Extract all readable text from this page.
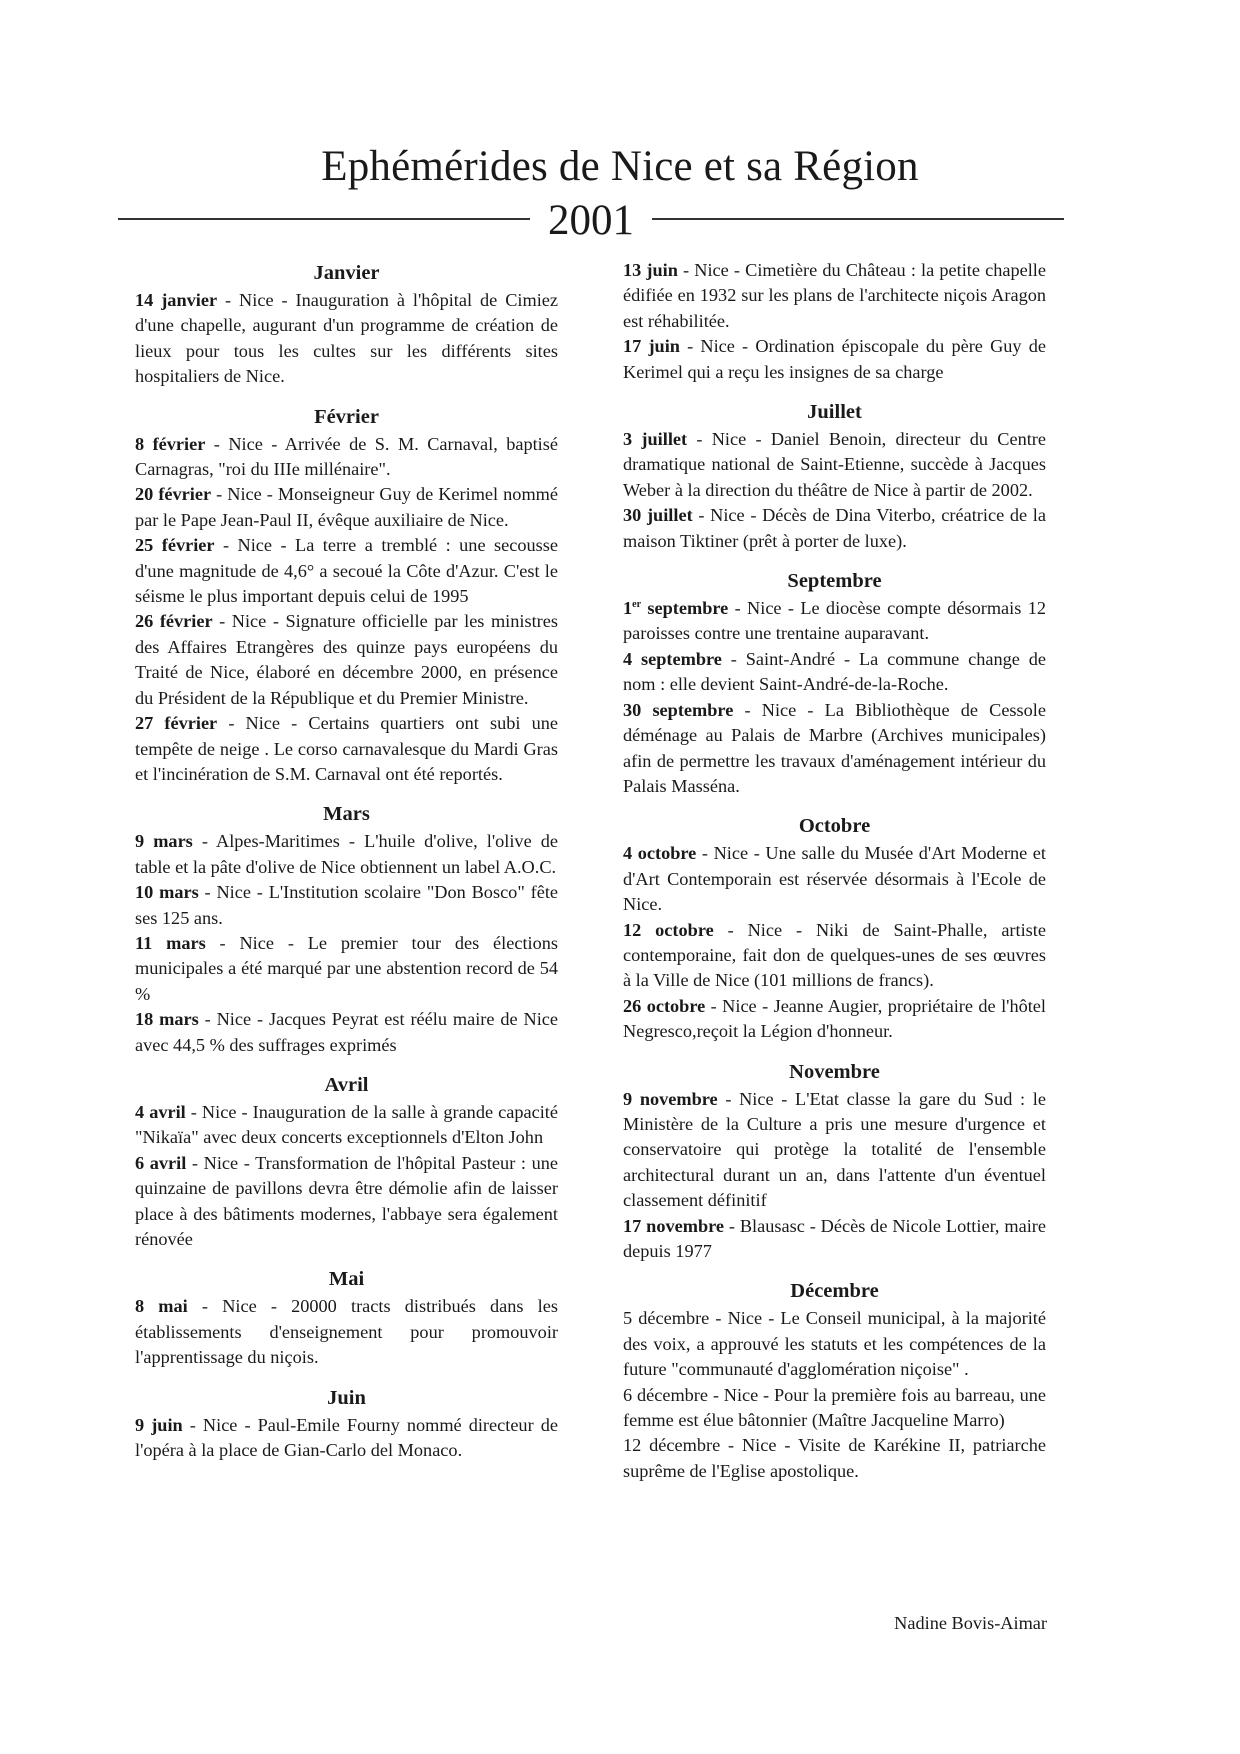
Ephémérides de Nice et sa Région
2001
Janvier

14 janvier - Nice - Inauguration à l'hôpital de Cimiez d'une chapelle, augurant d'un programme de création de lieux pour tous les cultes sur les différents sites hospitaliers de Nice.

Février

8 février - Nice - Arrivée de S. M. Carnaval, baptisé Carnagras, "roi du IIIe millénaire".

20 février - Nice - Monseigneur Guy de Kerimel nommé par le Pape Jean-Paul II, évêque auxiliaire de Nice.

25 février - Nice - La terre a tremblé : une secousse d'une magnitude de 4,6° a secoué la Côte d'Azur. C'est le séisme le plus important depuis celui de 1995

26 février - Nice - Signature officielle par les ministres des Affaires Etrangères des quinze pays européens du Traité de Nice, élaboré en décembre 2000, en présence du Président de la République et du Premier Ministre.

27 février - Nice - Certains quartiers ont subi une tempête de neige . Le corso carnavalesque du Mardi Gras et l'incinération de S.M. Carnaval ont été reportés.

Mars

9 mars - Alpes-Maritimes - L'huile d'olive, l'olive de table et la pâte d'olive de Nice obtiennent un label A.O.C.

10 mars - Nice - L'Institution scolaire "Don Bosco" fête ses 125 ans.

11 mars - Nice - Le premier tour des élections municipales a été marqué par une abstention record de 54 %

18 mars - Nice - Jacques Peyrat est réélu maire de Nice avec 44,5 % des suffrages exprimés

Avril

4 avril - Nice - Inauguration de la salle à grande capacité "Nikaïa" avec deux concerts exceptionnels d'Elton John

6 avril - Nice - Transformation de l'hôpital Pasteur : une quinzaine de pavillons devra être démolie afin de laisser place à des bâtiments modernes, l'abbaye sera également rénovée

Mai

8 mai - Nice - 20000 tracts distribués dans les établissements d'enseignement pour promouvoir l'apprentissage du niçois.

Juin

9 juin - Nice - Paul-Emile Fourny nommé directeur de l'opéra à la place de Gian-Carlo del Monaco.

13 juin - Nice - Cimetière du Château : la petite chapelle édifiée en 1932 sur les plans de l'architecte niçois Aragon est réhabilitée.

17 juin - Nice - Ordination épiscopale du père Guy de Kerimel qui a reçu les insignes de sa charge

Juillet

3 juillet - Nice - Daniel Benoin, directeur du Centre dramatique national de Saint-Etienne, succède à Jacques Weber à la direction du théâtre de Nice à partir de 2002.

30 juillet - Nice - Décès de Dina Viterbo, créatrice de la maison Tiktiner (prêt à porter de luxe).

Septembre

1er septembre - Nice - Le diocèse compte désormais 12 paroisses contre une trentaine auparavant.

4 septembre - Saint-André - La commune change de nom : elle devient Saint-André-de-la-Roche.

30 septembre - Nice - La Bibliothèque de Cessole déménage au Palais de Marbre (Archives municipales) afin de permettre les travaux d'aménagement intérieur du Palais Masséna.

Octobre

4 octobre - Nice - Une salle du Musée d'Art Moderne et d'Art Contemporain est réservée désormais à l'Ecole de Nice.

12 octobre - Nice - Niki de Saint-Phalle, artiste contemporaine, fait don de quelques-unes de ses œuvres à la Ville de Nice (101 millions de francs).

26 octobre - Nice - Jeanne Augier, propriétaire de l'hôtel Negresco,reçoit la Légion d'honneur.

Novembre

9 novembre - Nice - L'Etat classe la gare du Sud : le Ministère de la Culture a pris une mesure d'urgence et conservatoire qui protège la totalité de l'ensemble architectural durant un an, dans l'attente d'un éventuel classement définitif

17 novembre - Blausasc - Décès de Nicole Lottier, maire depuis 1977

Décembre

5 décembre - Nice - Le Conseil municipal, à la majorité des voix, a approuvé les statuts et les compétences de la future "communauté d'agglomération niçoise" .

6 décembre - Nice - Pour la première fois au barreau, une femme est élue bâtonnier (Maître Jacqueline Marro)

12 décembre - Nice - Visite de Karékine II, patriarche suprême de l'Eglise apostolique.

Nadine Bovis-Aimar
